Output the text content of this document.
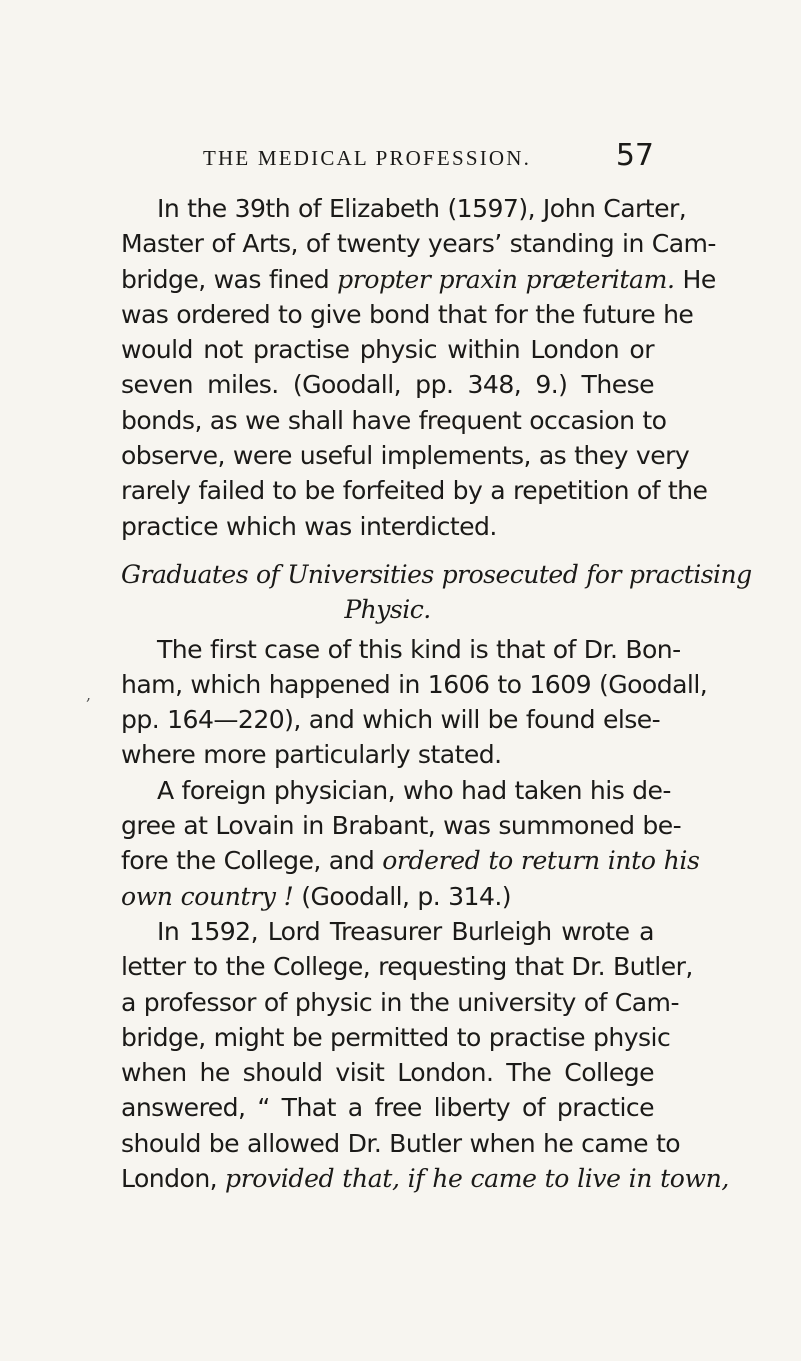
THE MEDICAL PROFESSION.	57
In the 39th of Elizabeth (1597), John Carter,
Master of Arts, of twenty years’ standing in Cam-
bridge, was fined propter praxin præteritam. He
was ordered to give bond that for the future he
would not practise physic within London or
seven miles. (Goodall, pp. 348, 9.) These
bonds, as we shall have frequent occasion to
observe, were useful implements, as they very
rarely failed to be forfeited by a repetition of the
practice which was interdicted.
Graduates of Universities prosecuted for practising
Physic.
The first case of this kind is that of Dr. Bon-
ham, which happened in 1606 to 1609 (Goodall,
pp. 164—220), and which will be found else-
where more particularly stated.
A foreign physician, who had taken his de-
gree at Lovain in Brabant, was summoned be-
fore the College, and ordered to return into his
own country ! (Goodall, p. 314.)
In 1592, Lord Treasurer Burleigh wrote a
letter to the College, requesting that Dr. Butler,
a professor of physic in the university of Cam-
bridge, might be permitted to practise physic
when he should visit London. The College
answered, “ That a free liberty of practice
should be allowed Dr. Butler when he came to
London, provided that, if he came to live in town,
,
